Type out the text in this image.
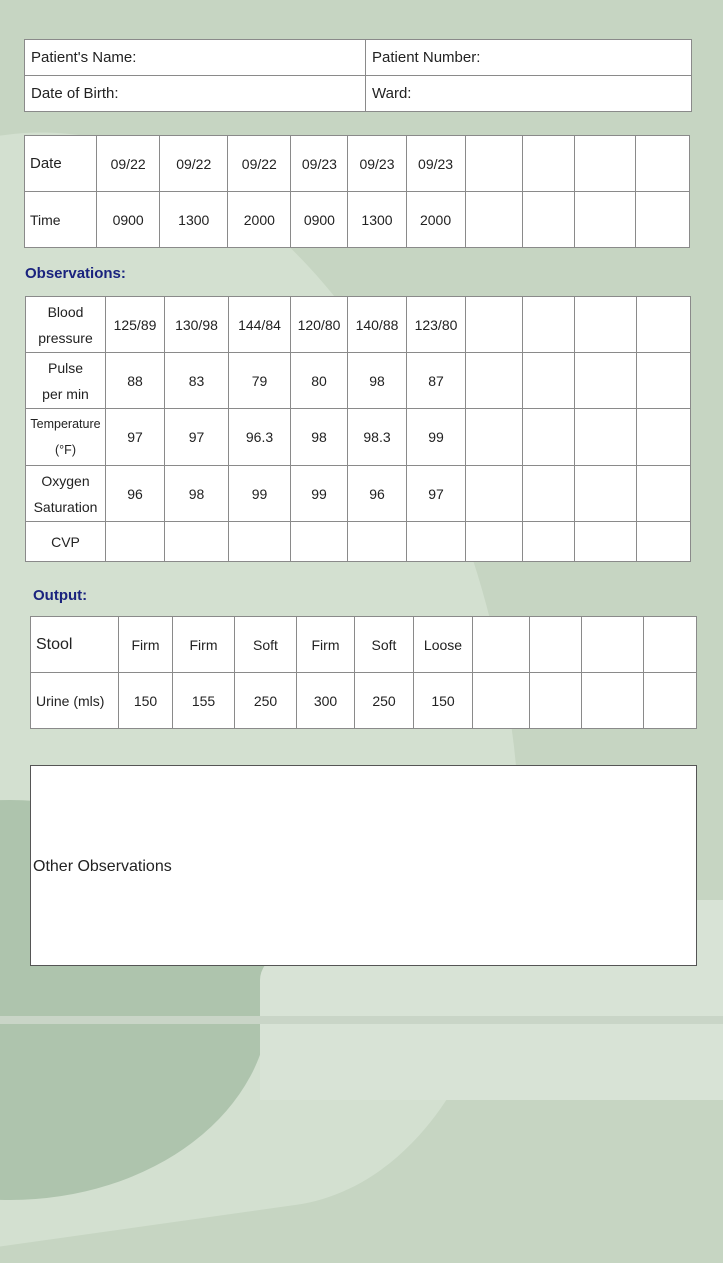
Patient's Name:	Patient Number:
Date of Birth:	Ward:
Date	09/22	09/22	09/22	09/23	09/23	09/23				
Time	0900	1300	2000	0900	1300	2000				
Observations:
Blood
pressure	125/89	130/98	144/84	120/80	140/88	123/80				
Pulse
per min	88	83	79	80	98	87				
Temperature
(°F)	97	97	96.3	98	98.3	99				
Oxygen
Saturation	96	98	99	99	96	97				
CVP										
Output:
Stool	Firm	Firm	Soft	Firm	Soft	Loose				
Urine (mls)	150	155	250	300	250	150				
Other Observations
